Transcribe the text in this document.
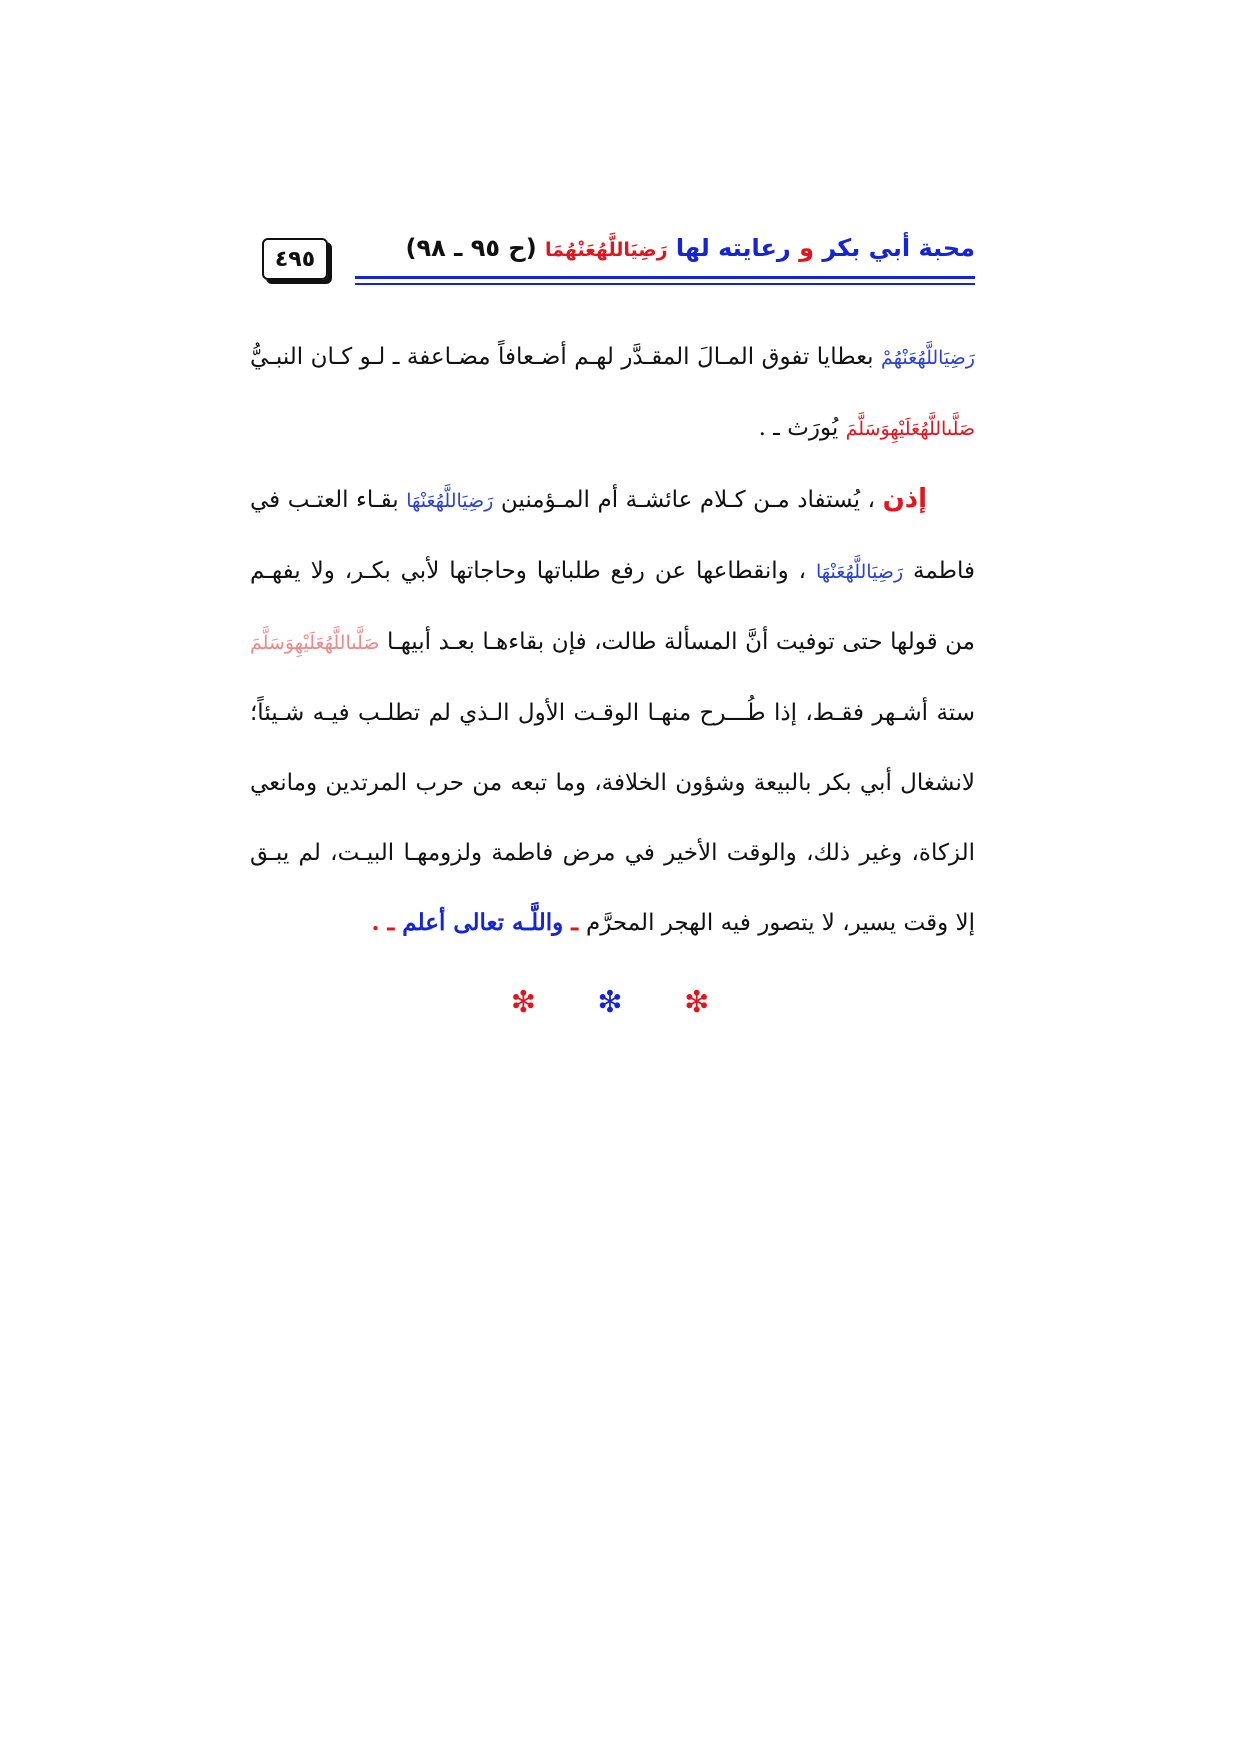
٤٩٥	محبة أبي بكر و رعايته لها رَضِيَاللَّهُعَنْهُمَا (ح ٩٥ ـ ٩٨)

رَضِيَاللَّهُعَنْهُمْ بعطايا تفوق المـالَ المقـدَّر لهـم أضـعافاً مضـاعفة ـ لـو كـان النبـيُّ صَلَّىاللَّهُعَلَيْهِوَسَلَّمَ يُورَث ـ .

إذن ، يُستفاد مـن كـلام عائشـة أم المـؤمنين رَضِيَاللَّهُعَنْهَا بقـاء العتـب في فاطمة رَضِيَاللَّهُعَنْهَا ، وانقطاعها عن رفع طلباتها وحاجاتها لأبي بكـر، ولا يفهـم من قولها حتى توفيت أنَّ المسألة طالت، فإن بقاءهـا بعـد أبيهـا صَلَّىاللَّهُعَلَيْهِوَسَلَّمَ ستة أشـهر فقـط، إذا طُـــرح منهـا الوقـت الأول الـذي لم تطلـب فيـه شـيئاً؛ لانشغال أبي بكر بالبيعة وشؤون الخلافة، وما تبعه من حرب المرتدين ومانعي الزكاة، وغير ذلك، والوقت الأخير في مرض فاطمة ولزومهـا البيـت، لم يبـق إلا وقت يسير، لا يتصور فيه الهجر المحرَّم ـ واللَّـه تعالى أعلم ـ .

❇ ❇ ❇
